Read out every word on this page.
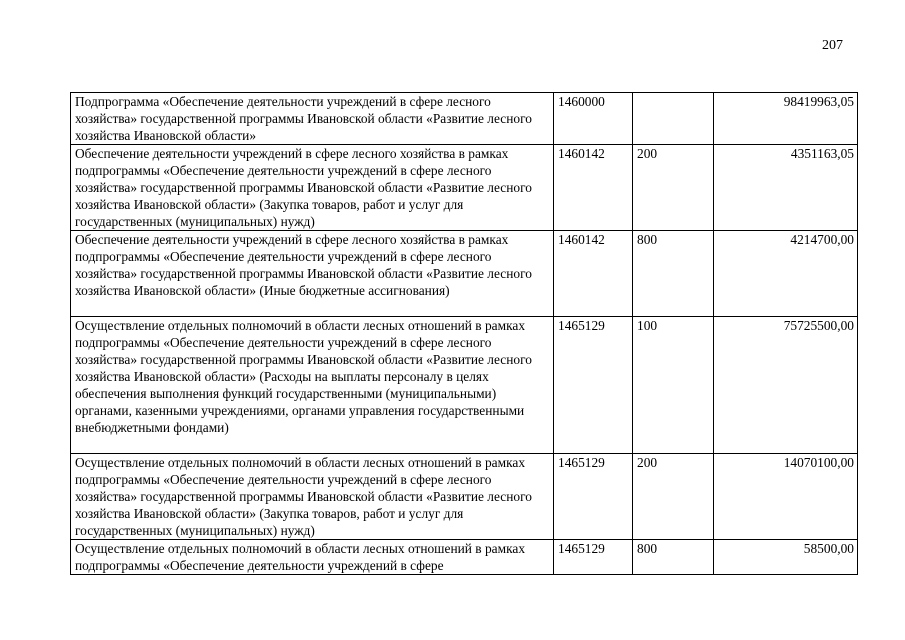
207
Подпрограмма «Обеспечение деятельности учреждений в сфере лесного хозяйства» государственной программы Ивановской области «Развитие лесного хозяйства Ивановской области»	1460000		98419963,05
Обеспечение деятельности учреждений в сфере лесного хозяйства в рамках подпрограммы «Обеспечение деятельности учреждений в сфере лесного хозяйства» государственной программы Ивановской области «Развитие лесного хозяйства Ивановской области» (Закупка товаров, работ и услуг для государственных (муниципальных) нужд)	1460142	200	4351163,05
Обеспечение деятельности учреждений в сфере лесного хозяйства в рамках подпрограммы «Обеспечение деятельности учреждений в сфере лесного хозяйства» государственной программы Ивановской области «Развитие лесного хозяйства Ивановской области» (Иные бюджетные ассигнования)	1460142	800	4214700,00
Осуществление отдельных полномочий в области лесных отношений в рамках подпрограммы «Обеспечение деятельности учреждений в сфере лесного хозяйства» государственной программы Ивановской области «Развитие лесного хозяйства Ивановской области» (Расходы на выплаты персоналу в целях обеспечения выполнения функций государственными (муниципальными) органами, казенными учреждениями, органами управления государственными внебюджетными фондами)	1465129	100	75725500,00
Осуществление отдельных полномочий в области лесных отношений в рамках подпрограммы «Обеспечение деятельности учреждений в сфере лесного хозяйства» государственной программы Ивановской области «Развитие лесного хозяйства Ивановской области» (Закупка товаров, работ и услуг для государственных (муниципальных) нужд)	1465129	200	14070100,00
Осуществление отдельных полномочий в области лесных отношений в рамках подпрограммы «Обеспечение деятельности учреждений в сфере	1465129	800	58500,00
